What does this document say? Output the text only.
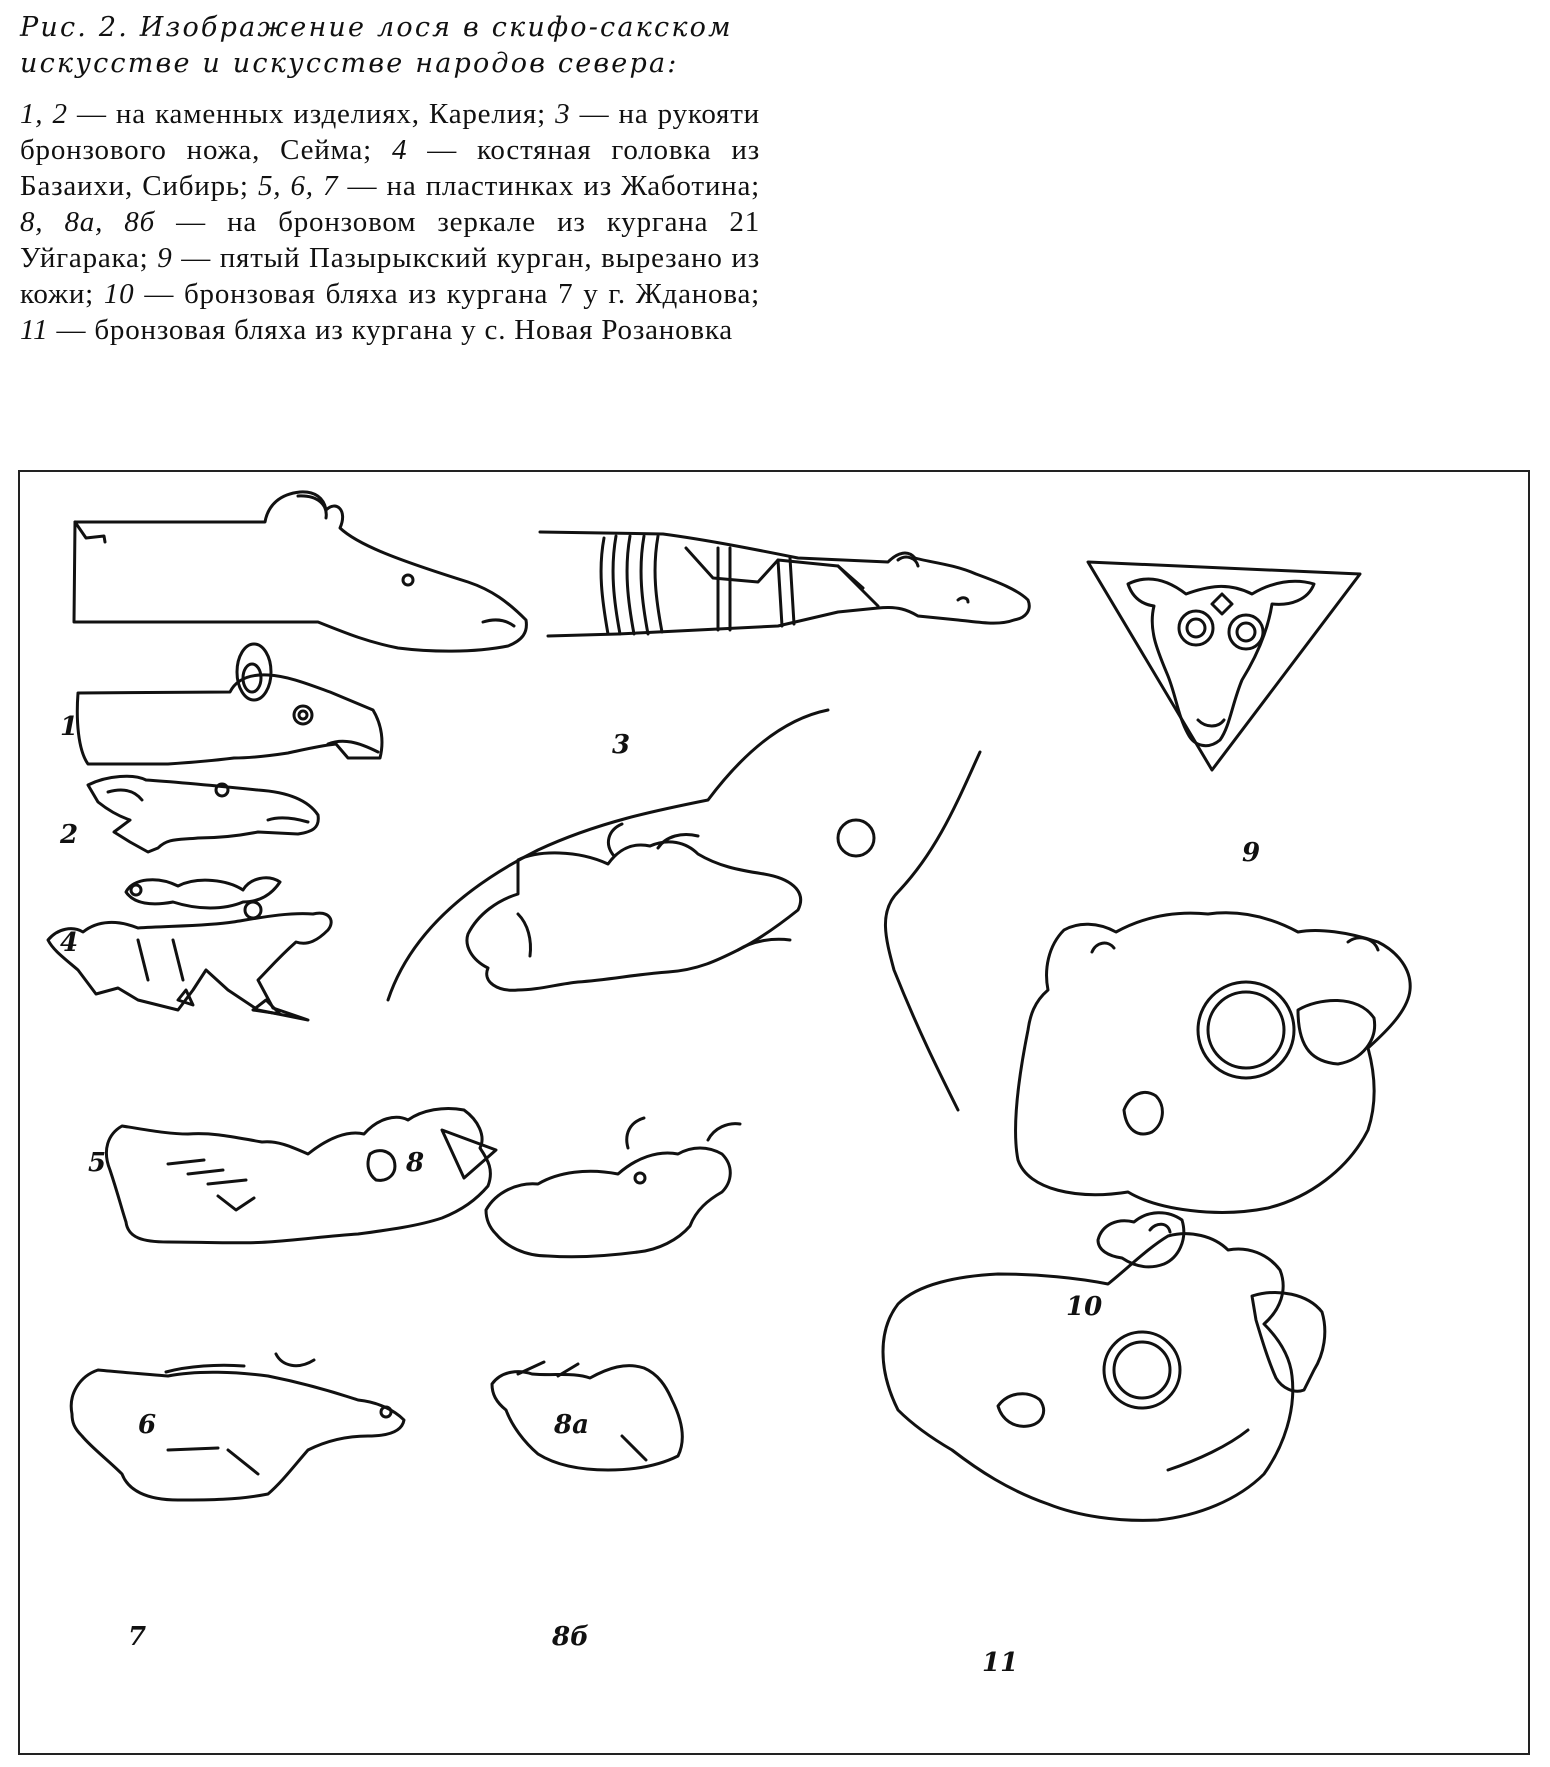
Рис. 2. Изображение лося в скифо-сакском
искусстве и искусстве народов севера:
1, 2 — на каменных изделиях, Карелия; 3 — на рукояти бронзового ножа, Сейма; 4 — костяная головка из Базаихи, Сибирь; 5, 6, 7 — на пластинках из Жаботина; 8, 8а, 8б — на бронзовом зеркале из кургана 21 Уйгарака; 9 — пятый Пазырыкский курган, вырезано из кожи; 10 — бронзовая бляха из кургана 7 у г. Жданова; 11 — бронзовая бляха из кургана у с. Новая Розановка
1
2
3
4
5	8
9
10
6	8а
7	8б
11
